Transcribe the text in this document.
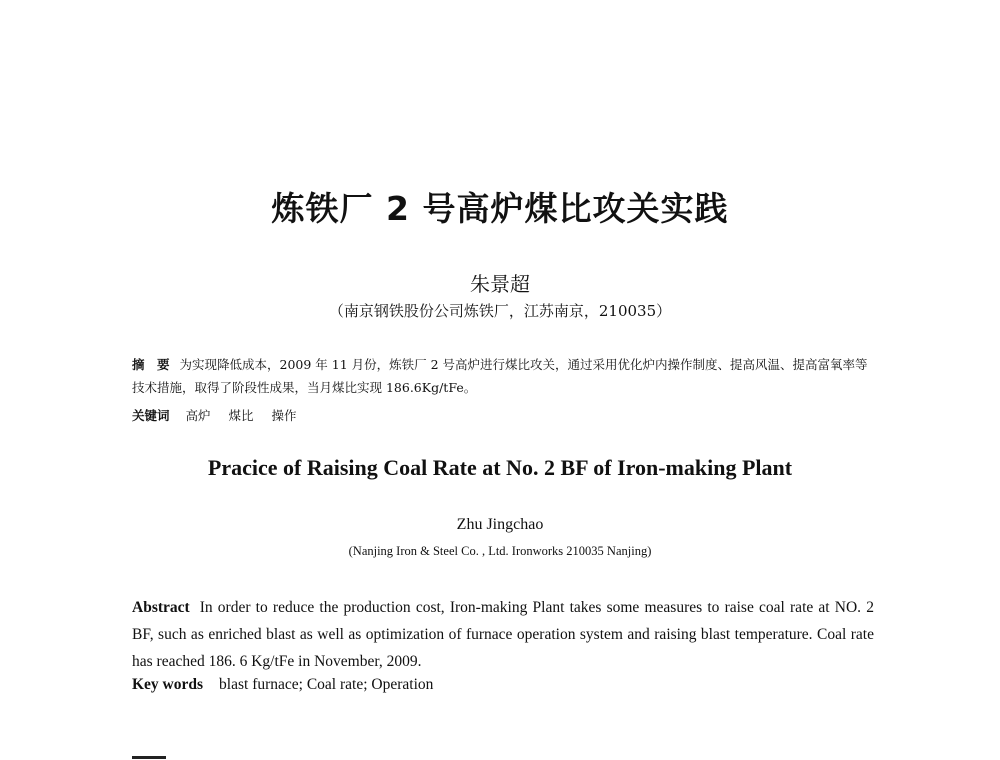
炼铁厂 2 号高炉煤比攻关实践
朱景超
（南京钢铁股份公司炼铁厂，江苏南京，210035）
摘　要 为实现降低成本，2009 年 11 月份，炼铁厂 2 号高炉进行煤比攻关，通过采用优化炉内操作制度、提高风温、提高富氧率等技术措施，取得了阶段性成果，当月煤比实现 186.6Kg/tFe。
关键词 高炉 煤比 操作
Pracice of Raising Coal Rate at No. 2 BF of Iron-making Plant
Zhu Jingchao
(Nanjing Iron & Steel Co. , Ltd. Ironworks 210035 Nanjing)
Abstract In order to reduce the production cost, Iron-making Plant takes some measures to raise coal rate at NO. 2 BF, such as enriched blast as well as optimization of furnace operation system and raising blast temperature. Coal rate has reached 186. 6 Kg/tFe in November, 2009.
Key words blast furnace; Coal rate; Operation
